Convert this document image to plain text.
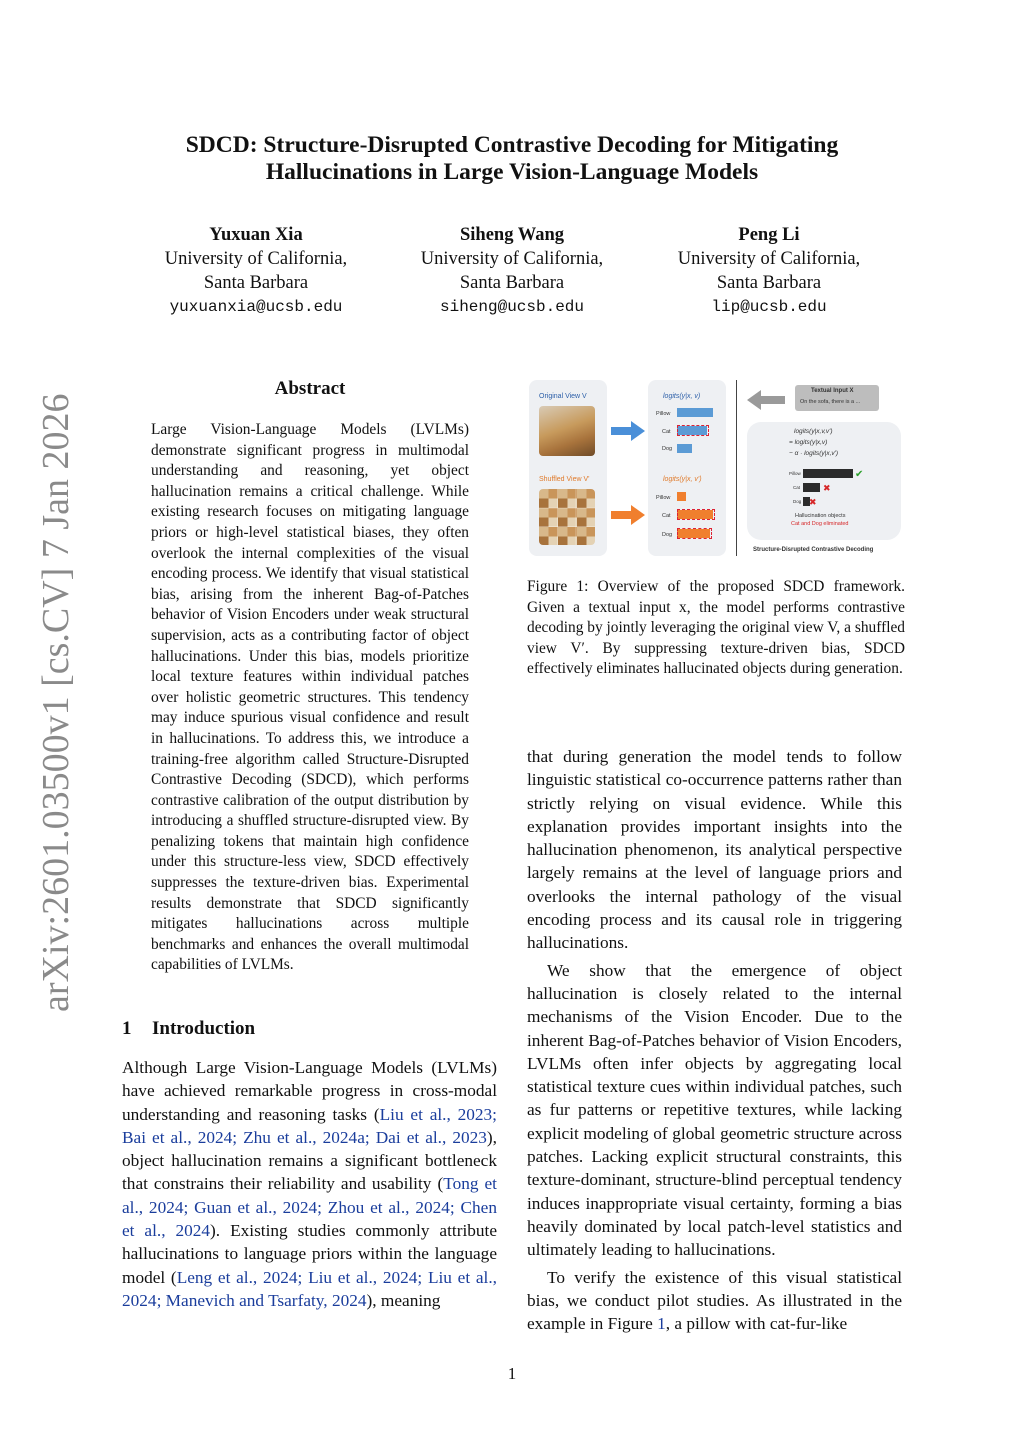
SDCD: Structure-Disrupted Contrastive Decoding for Mitigating
Hallucinations in Large Vision-Language Models
Yuxuan Xia
University of California,
Santa Barbara
yuxuanxia@ucsb.edu
Siheng Wang
University of California,
Santa Barbara
siheng@ucsb.edu
Peng Li
University of California,
Santa Barbara
lip@ucsb.edu
arXiv:2601.03500v1 [cs.CV] 7 Jan 2026
Abstract
Large Vision-Language Models (LVLMs) demonstrate significant progress in multimodal understanding and reasoning, yet object hallucination remains a critical challenge. While existing research focuses on mitigating language priors or high-level statistical biases, they often overlook the internal complexities of the visual encoding process. We identify that visual statistical bias, arising from the inherent Bag-of-Patches behavior of Vision Encoders under weak structural supervision, acts as a contributing factor of object hallucinations. Under this bias, models prioritize local texture features within individual patches over holistic geometric structures. This tendency may induce spurious visual confidence and result in hallucinations. To address this, we introduce a training-free algorithm called Structure-Disrupted Contrastive Decoding (SDCD), which performs contrastive calibration of the output distribution by introducing a shuffled structure-disrupted view. By penalizing tokens that maintain high confidence under this structure-less view, SDCD effectively suppresses the texture-driven bias. Experimental results demonstrate that SDCD significantly mitigates hallucinations across multiple benchmarks and enhances the overall multimodal capabilities of LVLMs.
1 Introduction

Although Large Vision-Language Models (LVLMs) have achieved remarkable progress in cross-modal understanding and reasoning tasks (Liu et al., 2023; Bai et al., 2024; Zhu et al., 2024a; Dai et al., 2023), object hallucination remains a significant bottleneck that constrains their reliability and usability (Tong et al., 2024; Guan et al., 2024; Zhou et al., 2024; Chen et al., 2024). Existing studies commonly attribute hallucinations to language priors within the language model (Leng et al., 2024; Liu et al., 2024; Liu et al., 2024; Manevich and Tsarfaty, 2024), meaning

Original View V
Shuffled View V'
logits(y|x, v)
Pillow
Cat
Dog
logits(y|x, v')
Pillow
Cat
Dog
Textual Input X
On the sofa, there is a ...
logits(y|x,v,v')
= logits(y|x,v)
− α · logits(y|x,v')
Pillow
Cat
Dog
✔
✖
✖
Hallucination objects
Cat and Dog eliminated
Structure-Disrupted Contrastive Decoding
Figure 1: Overview of the proposed SDCD framework. Given a textual input x, the model performs contrastive decoding by jointly leveraging the original view V, a shuffled view V′. By suppressing texture-driven bias, SDCD effectively eliminates hallucinated objects during generation.

that during generation the model tends to follow linguistic statistical co-occurrence patterns rather than strictly relying on visual evidence. While this explanation provides important insights into the hallucination phenomenon, its analytical perspective largely remains at the level of language priors and overlooks the internal pathology of the visual encoding process and its causal role in triggering hallucinations.

We show that the emergence of object hallucination is closely related to the internal mechanisms of the Vision Encoder. Due to the inherent Bag-of-Patches behavior of Vision Encoders, LVLMs often infer objects by aggregating local statistical texture cues within individual patches, such as fur patterns or repetitive textures, while lacking explicit modeling of global geometric structure across patches. Lacking explicit structural constraints, this texture-dominant, structure-blind perceptual tendency induces inappropriate visual certainty, forming a bias heavily dominated by local patch-level statistics and ultimately leading to hallucinations.

To verify the existence of this visual statistical bias, we conduct pilot studies. As illustrated in the example in Figure 1, a pillow with cat-fur-like

1
